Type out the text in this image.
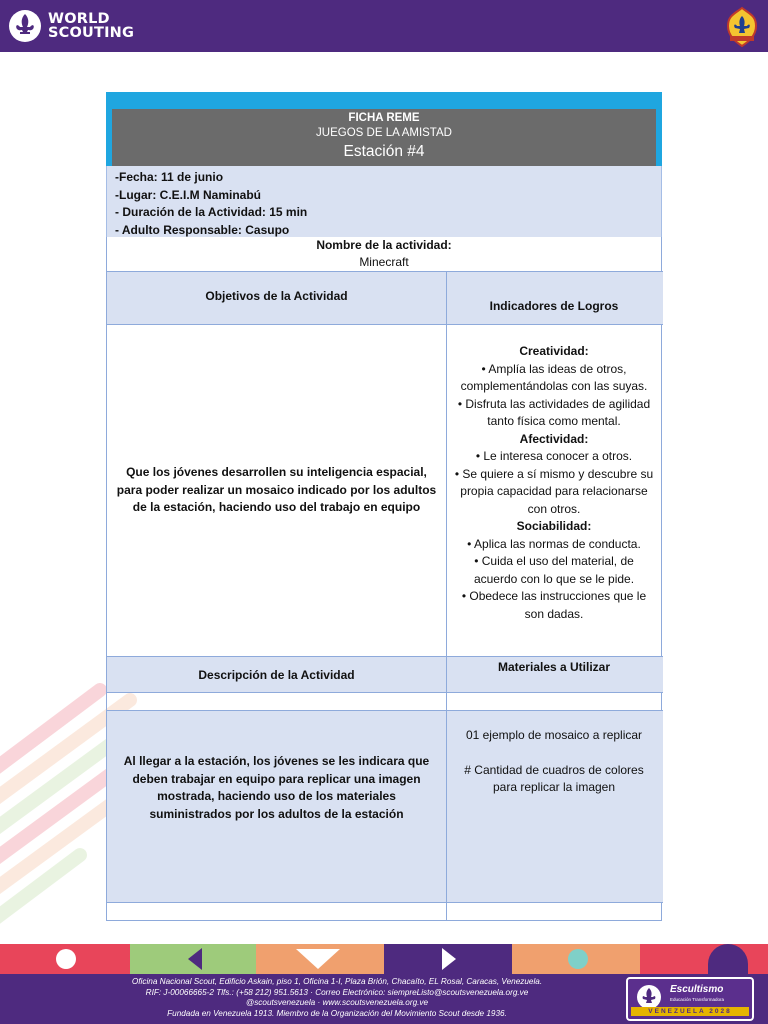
WORLD
SCOUTING
FICHA REME
JUEGOS DE LA AMISTAD
Estación #4
-Fecha: 11 de junio
-Lugar: C.E.I.M Naminabú
- Duración de la Actividad: 15 min
- Adulto Responsable: Casupo
Nombre de la actividad:
Minecraft
Objetivos de la Actividad
Indicadores de Logros
Que los jóvenes desarrollen su inteligencia espacial, para poder realizar un mosaico indicado por los adultos de la estación, haciendo uso del trabajo en equipo
Creatividad:
• Amplía las ideas de otros, complementándolas con las suyas.
• Disfruta las actividades de agilidad tanto física como mental.
Afectividad:
• Le interesa conocer a otros.
• Se quiere a sí mismo y descubre su propia capacidad para relacionarse con otros.
Sociabilidad:
• Aplica las normas de conducta.
• Cuida el uso del material, de acuerdo con lo que se le pide.
• Obedece las instrucciones que le son dadas.
Descripción de la Actividad
Materiales a Utilizar
Al llegar a la estación, los jóvenes se les indicara que deben trabajar en equipo para replicar una imagen mostrada, haciendo uso de los materiales suministrados por los adultos de la estación
01 ejemplo de mosaico a replicar
# Cantidad de cuadros de colores para replicar la imagen
Oficina Nacional Scout, Edificio Askain, piso 1, Oficina 1-I, Plaza Brión, Chacaíto, EL Rosal, Caracas, Venezuela.
RIF: J-00066665-2 Tlfs.: (+58 212) 951.5613 · Correo Electrónico: siempreListo@scoutsvenezuela.org.ve
@scoutsvenezuela · www.scoutsvenezuela.org.ve
Fundada en Venezuela 1913. Miembro de la Organización del Movimiento Scout desde 1936.
Escultismo
Educación Transformadora
VENEZUELA 2028
